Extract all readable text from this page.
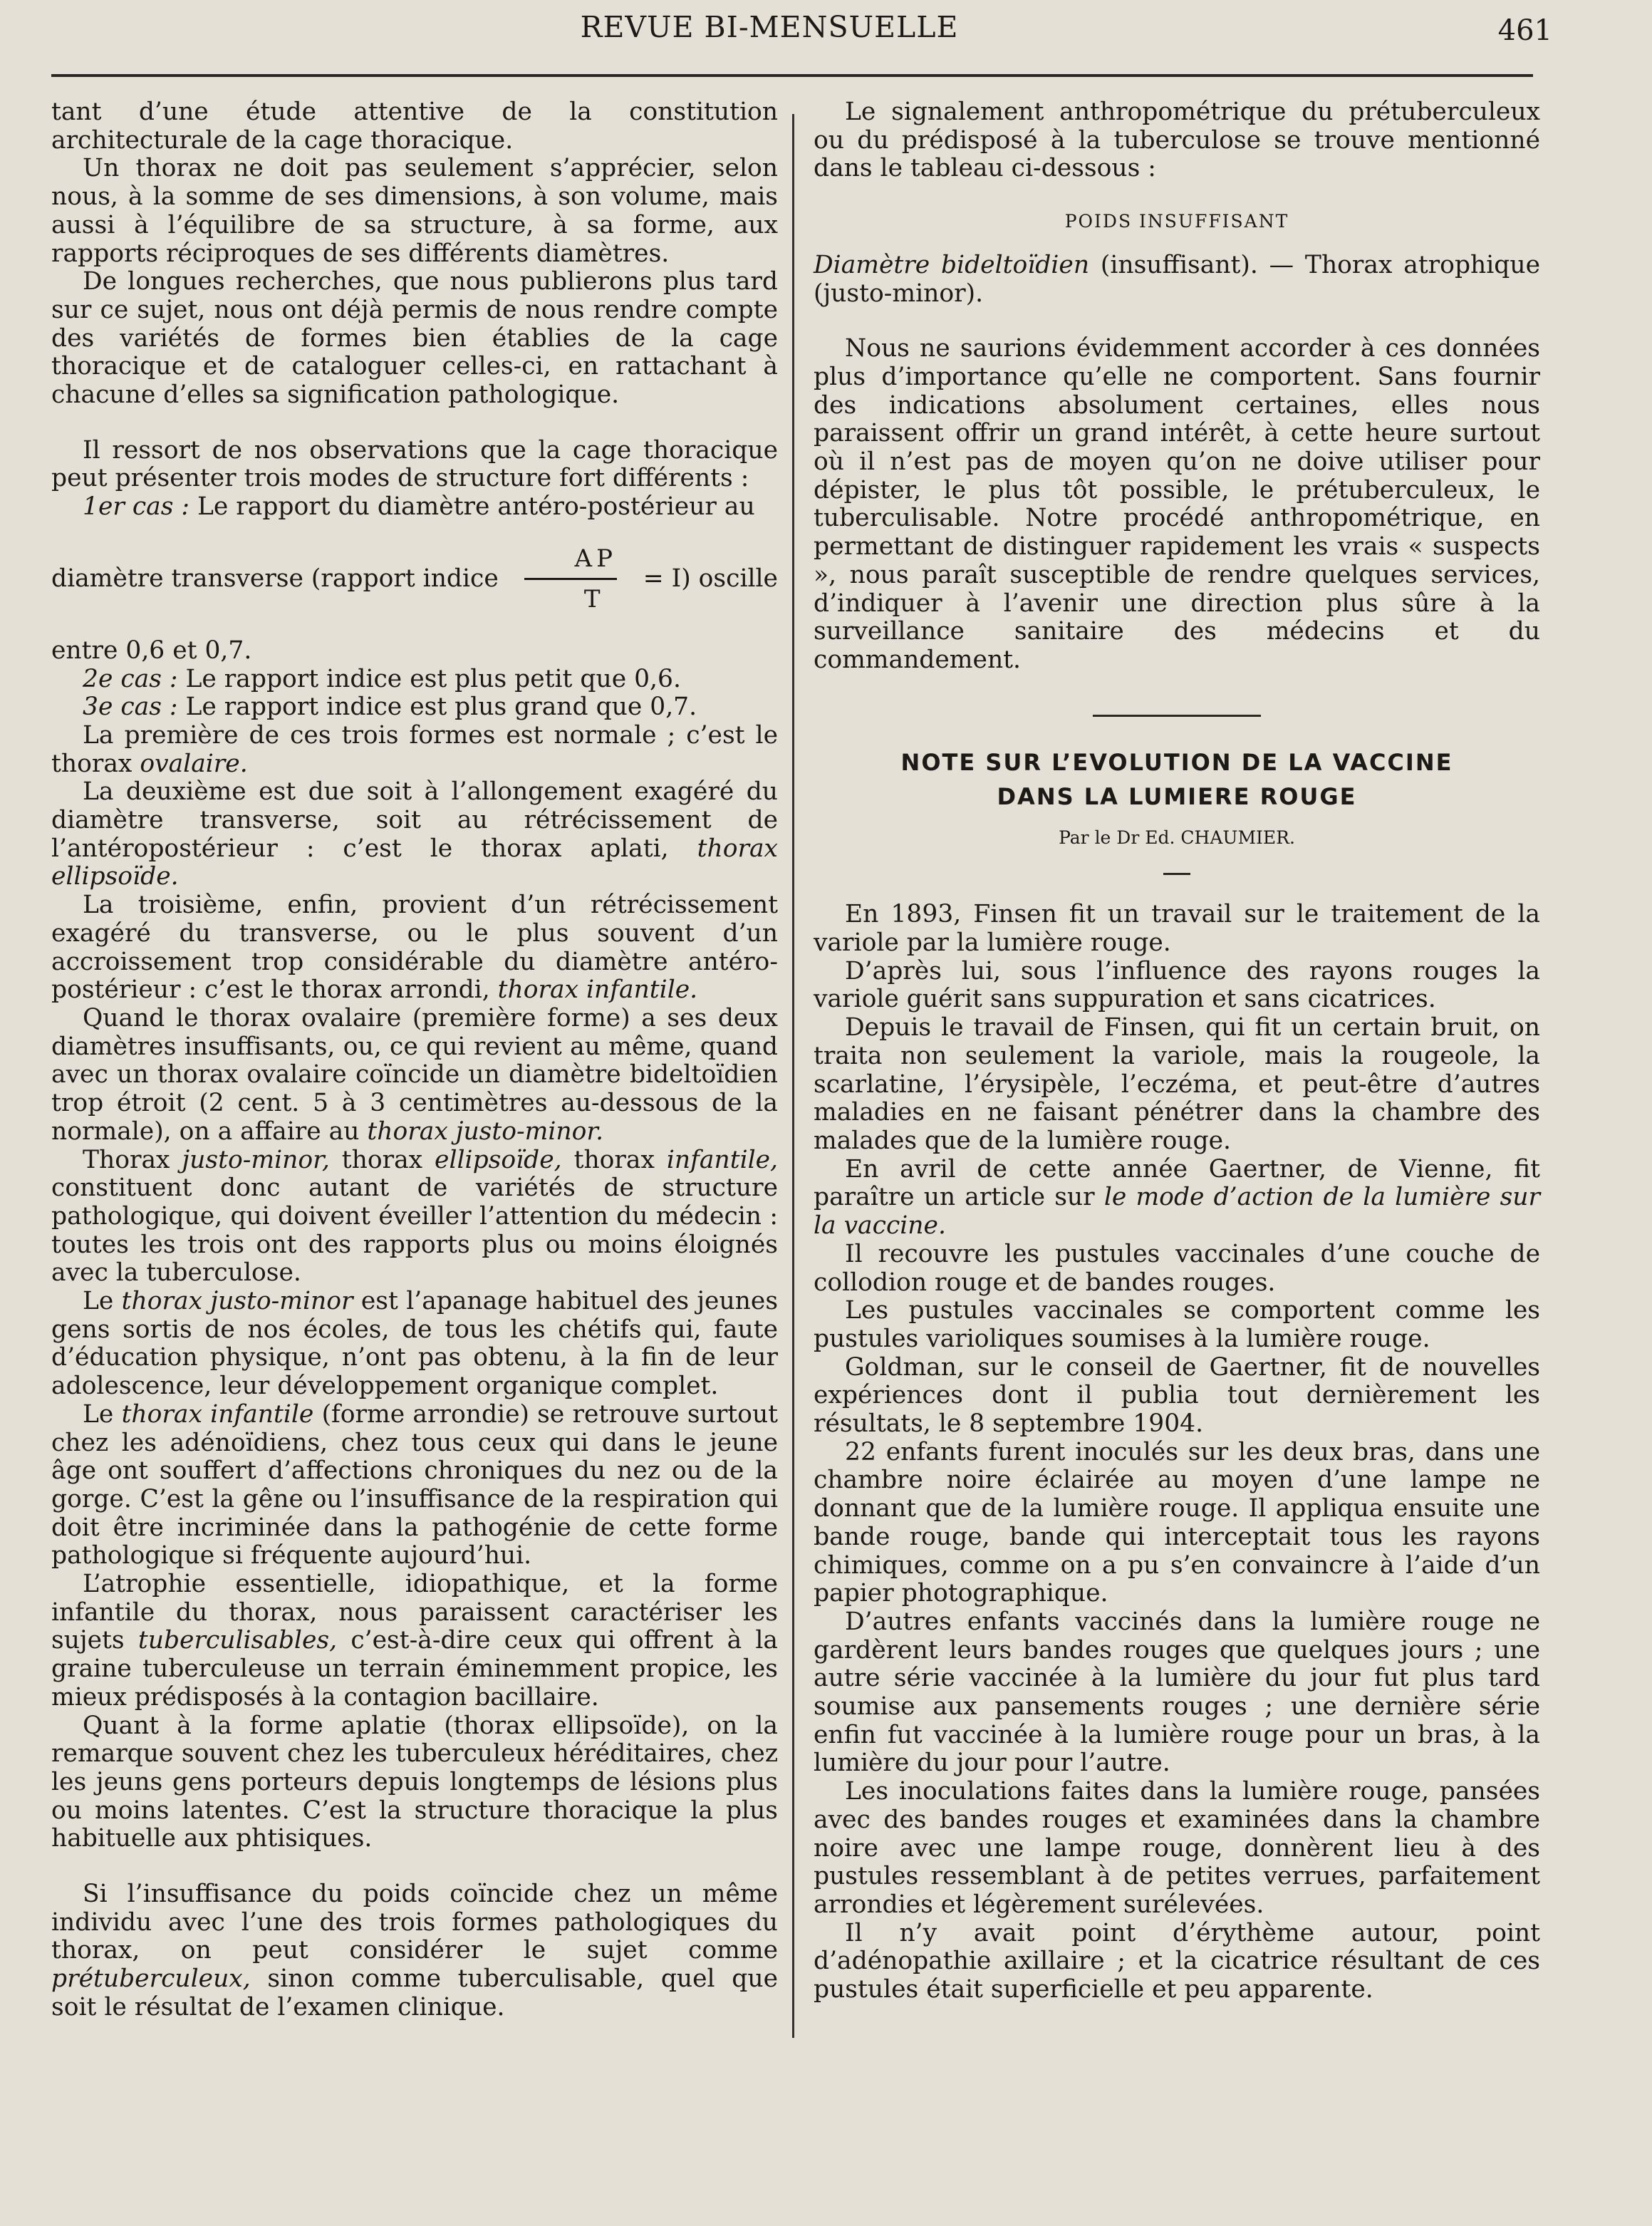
REVUE BI-MENSUELLE	461

tant d’une étude attentive de la constitution architecturale de la cage thoracique.

Un thorax ne doit pas seulement s’apprécier, selon nous, à la somme de ses dimensions, à son volume, mais aussi à l’équilibre de sa structure, à sa forme, aux rapports réciproques de ses différents diamètres.

De longues recherches, que nous publierons plus tard sur ce sujet, nous ont déjà permis de nous rendre compte des variétés de formes bien établies de la cage thoracique et de cataloguer celles-ci, en rattachant à chacune d’elles sa signification pathologique.

Il ressort de nos observations que la cage thoracique peut présenter trois modes de structure fort différents :

1er cas : Le rapport du diamètre antéro-postérieur au

diamètre transverse (rapport indice $\frac{AP}{T} = I$) oscille

entre 0,6 et 0,7.

2e cas : Le rapport indice est plus petit que 0,6.

3e cas : Le rapport indice est plus grand que 0,7.

La première de ces trois formes est normale ; c’est le thorax ovalaire.

La deuxième est due soit à l’allongement exagéré du diamètre transverse, soit au rétrécissement de l’antéropostérieur : c’est le thorax aplati, thorax ellipsoïde.

La troisième, enfin, provient d’un rétrécissement exagéré du transverse, ou le plus souvent d’un accroissement trop considérable du diamètre antéro-postérieur : c’est le thorax arrondi, thorax infantile.

Quand le thorax ovalaire (première forme) a ses deux diamètres insuffisants, ou, ce qui revient au même, quand avec un thorax ovalaire coïncide un diamètre bideltoïdien trop étroit (2 cent. 5 à 3 centimètres au-dessous de la normale), on a affaire au thorax justo-minor.

Thorax justo-minor, thorax ellipsoïde, thorax infantile, constituent donc autant de variétés de structure pathologique, qui doivent éveiller l’attention du médecin : toutes les trois ont des rapports plus ou moins éloignés avec la tuberculose.

Le thorax justo-minor est l’apanage habituel des jeunes gens sortis de nos écoles, de tous les chétifs qui, faute d’éducation physique, n’ont pas obtenu, à la fin de leur adolescence, leur développement organique complet.

Le thorax infantile (forme arrondie) se retrouve surtout chez les adénoïdiens, chez tous ceux qui dans le jeune âge ont souffert d’affections chroniques du nez ou de la gorge. C’est la gêne ou l’insuffisance de la respiration qui doit être incriminée dans la pathogénie de cette forme pathologique si fréquente aujourd’hui.

L’atrophie essentielle, idiopathique, et la forme infantile du thorax, nous paraissent caractériser les sujets tuberculisables, c’est-à-dire ceux qui offrent à la graine tuberculeuse un terrain éminemment propice, les mieux prédisposés à la contagion bacillaire.

Quant à la forme aplatie (thorax ellipsoïde), on la remarque souvent chez les tuberculeux héréditaires, chez les jeuns gens porteurs depuis longtemps de lésions plus ou moins latentes. C’est la structure thoracique la plus habituelle aux phtisiques.

Si l’insuffisance du poids coïncide chez un même individu avec l’une des trois formes pathologiques du thorax, on peut considérer le sujet comme prétuberculeux, sinon comme tuberculisable, quel que soit le résultat de l’examen clinique.

Le signalement anthropométrique du prétuberculeux ou du prédisposé à la tuberculose se trouve mentionné dans le tableau ci-dessous :

POIDS INSUFFISANT

Diamètre bideltoïdien (insuffisant). — Thorax atrophique (justo-minor).

Nous ne saurions évidemment accorder à ces données plus d’importance qu’elle ne comportent. Sans fournir des indications absolument certaines, elles nous paraissent offrir un grand intérêt, à cette heure surtout où il n’est pas de moyen qu’on ne doive utiliser pour dépister, le plus tôt possible, le prétuberculeux, le tuberculisable. Notre procédé anthropométrique, en permettant de distinguer rapidement les vrais « suspects », nous paraît susceptible de rendre quelques services, d’indiquer à l’avenir une direction plus sûre à la surveillance sanitaire des médecins et du commandement.

NOTE SUR L’EVOLUTION DE LA VACCINE
DANS LA LUMIERE ROUGE
Par le Dr Ed. CHAUMIER.

En 1893, Finsen fit un travail sur le traitement de la variole par la lumière rouge.

D’après lui, sous l’influence des rayons rouges la variole guérit sans suppuration et sans cicatrices.

Depuis le travail de Finsen, qui fit un certain bruit, on traita non seulement la variole, mais la rougeole, la scarlatine, l’érysipèle, l’eczéma, et peut-être d’autres maladies en ne faisant pénétrer dans la chambre des malades que de la lumière rouge.

En avril de cette année Gaertner, de Vienne, fit paraître un article sur le mode d’action de la lumière sur la vaccine.

Il recouvre les pustules vaccinales d’une couche de collodion rouge et de bandes rouges.

Les pustules vaccinales se comportent comme les pustules varioliques soumises à la lumière rouge.

Goldman, sur le conseil de Gaertner, fit de nouvelles expériences dont il publia tout dernièrement les résultats, le 8 septembre 1904.

22 enfants furent inoculés sur les deux bras, dans une chambre noire éclairée au moyen d’une lampe ne donnant que de la lumière rouge. Il appliqua ensuite une bande rouge, bande qui interceptait tous les rayons chimiques, comme on a pu s’en convaincre à l’aide d’un papier photographique.

D’autres enfants vaccinés dans la lumière rouge ne gardèrent leurs bandes rouges que quelques jours ; une autre série vaccinée à la lumière du jour fut plus tard soumise aux pansements rouges ; une dernière série enfin fut vaccinée à la lumière rouge pour un bras, à la lumière du jour pour l’autre.

Les inoculations faites dans la lumière rouge, pansées avec des bandes rouges et examinées dans la chambre noire avec une lampe rouge, donnèrent lieu à des pustules ressemblant à de petites verrues, parfaitement arrondies et légèrement surélevées.

Il n’y avait point d’érythème autour, point d’adénopathie axillaire ; et la cicatrice résultant de ces pustules était superficielle et peu apparente.
